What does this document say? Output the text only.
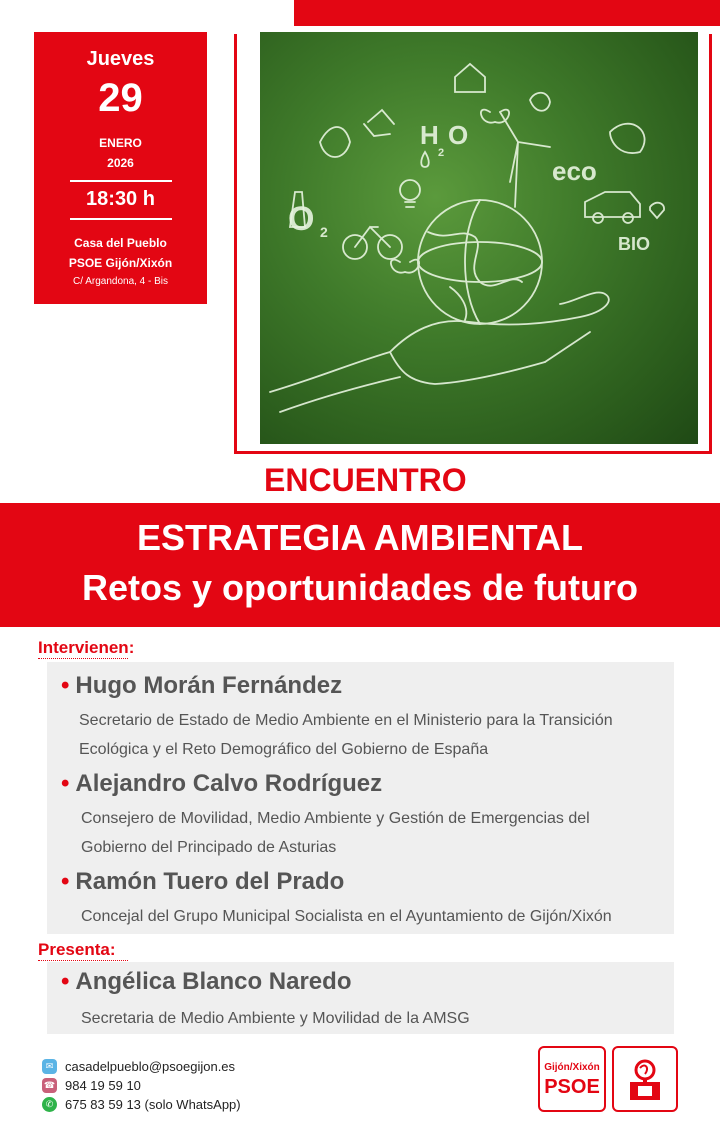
H O
2
O 2
eco
BIO
Jueves
29
ENERO
2026
18:30 h
Casa del Pueblo
PSOE Gijón/Xixón
C/ Argandona, 4 - Bis
ENCUENTRO
ESTRATEGIA AMBIENTAL
Retos y oportunidades de futuro
Intervienen:
• Hugo Morán Fernández
Secretario de Estado de Medio Ambiente en el Ministerio para la Transición
Ecológica y el Reto Demográfico del Gobierno de España
• Alejandro Calvo Rodríguez
Consejero de Movilidad, Medio Ambiente y Gestión de Emergencias del
Gobierno del Principado de Asturias
• Ramón Tuero del Prado
Concejal del Grupo Municipal Socialista en el Ayuntamiento de Gijón/Xixón
Presenta:
• Angélica Blanco Naredo
Secretaria de Medio Ambiente y Movilidad de la AMSG
✉ casadelpueblo@psoegijon.es
☎ 984 19 59 10
✆ 675 83 59 13 (solo WhatsApp)
Gijón/Xixón
PSOE
